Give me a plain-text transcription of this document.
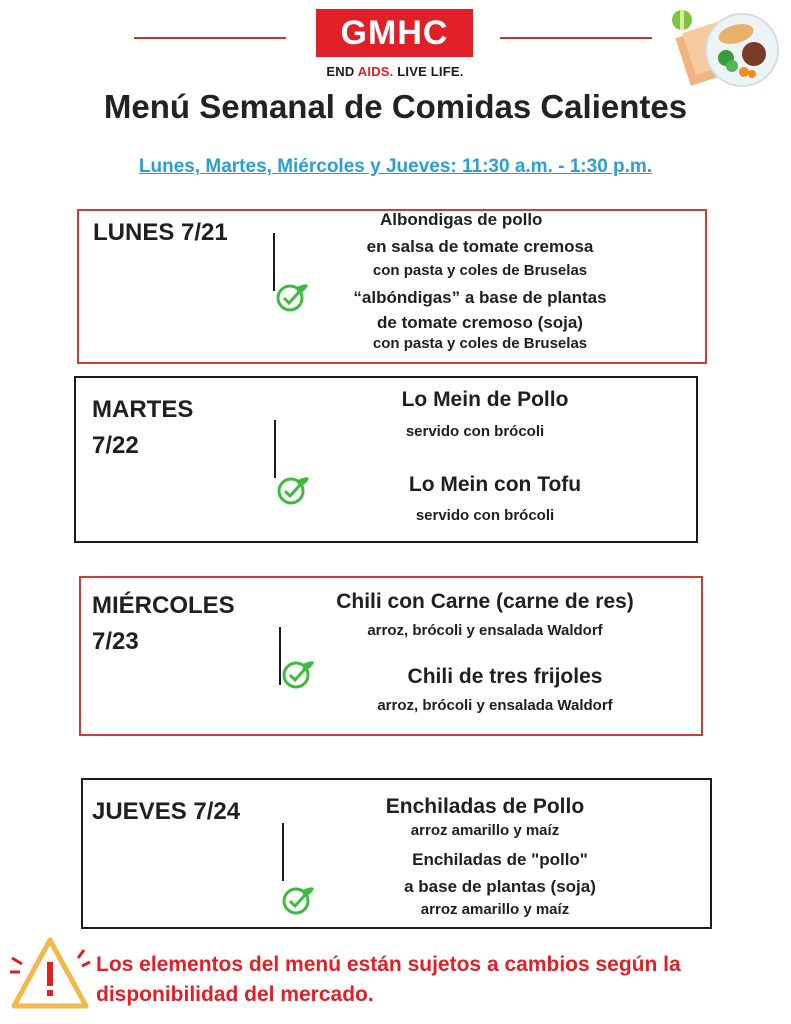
GMHC
END AIDS. LIVE LIFE.
Menú Semanal de Comidas Calientes
Lunes, Martes, Miércoles y Jueves: 11:30 a.m. - 1:30 p.m.
LUNES 7/21	Albondigas de pollo
en salsa de tomate cremosa
con pasta y coles de Bruselas
“albóndigas” a base de plantas
de tomate cremoso (soja)
con pasta y coles de Bruselas
MARTES
7/22
Lo Mein de Pollo
servido con brócoli
Lo Mein con Tofu
servido con brócoli
MIÉRCOLES
7/23
Chili con Carne (carne de res)
arroz, brócoli y ensalada Waldorf
Chili de tres frijoles
arroz, brócoli y ensalada Waldorf
JUEVES 7/24	Enchiladas de Pollo
arroz amarillo y maíz
Enchiladas de "pollo"
a base de plantas (soja)
arroz amarillo y maíz
Los elementos del menú están sujetos a cambios según la
disponibilidad del mercado.
